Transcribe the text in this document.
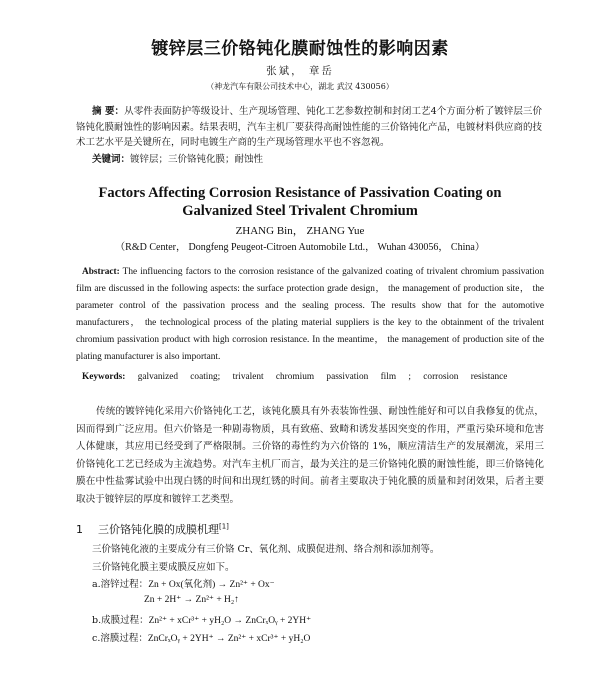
镀锌层三价铬钝化膜耐蚀性的影响因素
张斌， 章岳
（神龙汽车有限公司技术中心，湖北 武汉 430056）
摘 要：从零件表面防护等级设计、生产现场管理、钝化工艺参数控制和封闭工艺4个方面分析了镀锌层三价铬钝化膜耐蚀性的影响因素。结果表明，汽车主机厂要获得高耐蚀性能的三价铬钝化产品，电镀材料供应商的技术工艺水平是关键所在，同时电镀生产商的生产现场管理水平也不容忽视。
关键词：镀锌层；三价铬钝化膜；耐蚀性
Factors Affecting Corrosion Resistance of Passivation Coating on
Galvanized Steel Trivalent Chromium
ZHANG Bin， ZHANG Yue
（R&D Center， Dongfeng Peugeot-Citroen Automobile Ltd.， Wuhan 430056， China）
Abstract: The influencing factors to the corrosion resistance of the galvanized coating of trivalent chromium passivation film are discussed in the following aspects: the surface protection grade design， the management of production site， the parameter control of the passivation process and the sealing process. The results show that for the automotive manufacturers， the technological process of the plating material suppliers is the key to the obtainment of the trivalent chromium passivation product with high corrosion resistance. In the meantime， the management of production site of the plating manufacturer is also important.
Keywords: galvanized coating; trivalent chromium passivation film ; corrosion resistance
传统的镀锌钝化采用六价铬钝化工艺，该钝化膜具有外表装饰性强、耐蚀性能好和可以自我修复的优点，因而得到广泛应用。但六价铬是一种剧毒物质，具有致癌、致畸和诱发基因突变的作用，严重污染环境和危害人体健康，其应用已经受到了严格限制。三价铬的毒性约为六价铬的 1%，顺应清洁生产的发展潮流，采用三价铬钝化工艺已经成为主流趋势。对汽车主机厂而言，最为关注的是三价铬钝化膜的耐蚀性能，即三价铬钝化膜在中性盐雾试验中出现白锈的时间和出现红锈的时间。前者主要取决于钝化膜的质量和封闭效果，后者主要取决于镀锌层的厚度和镀锌工艺类型。
1 三价铬钝化膜的成膜机理[1]
三价铬钝化液的主要成分有三价铬 Cr、氧化剂、成膜促进剂、络合剂和添加剂等。
三价铬钝化膜主要成膜反应如下。
a.溶锌过程：Zn + Ox(氧化剂) → Zn²⁺ + Ox⁻
Zn + 2H⁺ → Zn²⁺ + H₂↑
b.成膜过程：Zn²⁺ + xCr³⁺ + yH₂O → ZnCrₓOᵧ + 2YH⁺
c.溶膜过程：ZnCrₓOᵧ + 2YH⁺ → Zn²⁺ + xCr³⁺ + yH₂O
